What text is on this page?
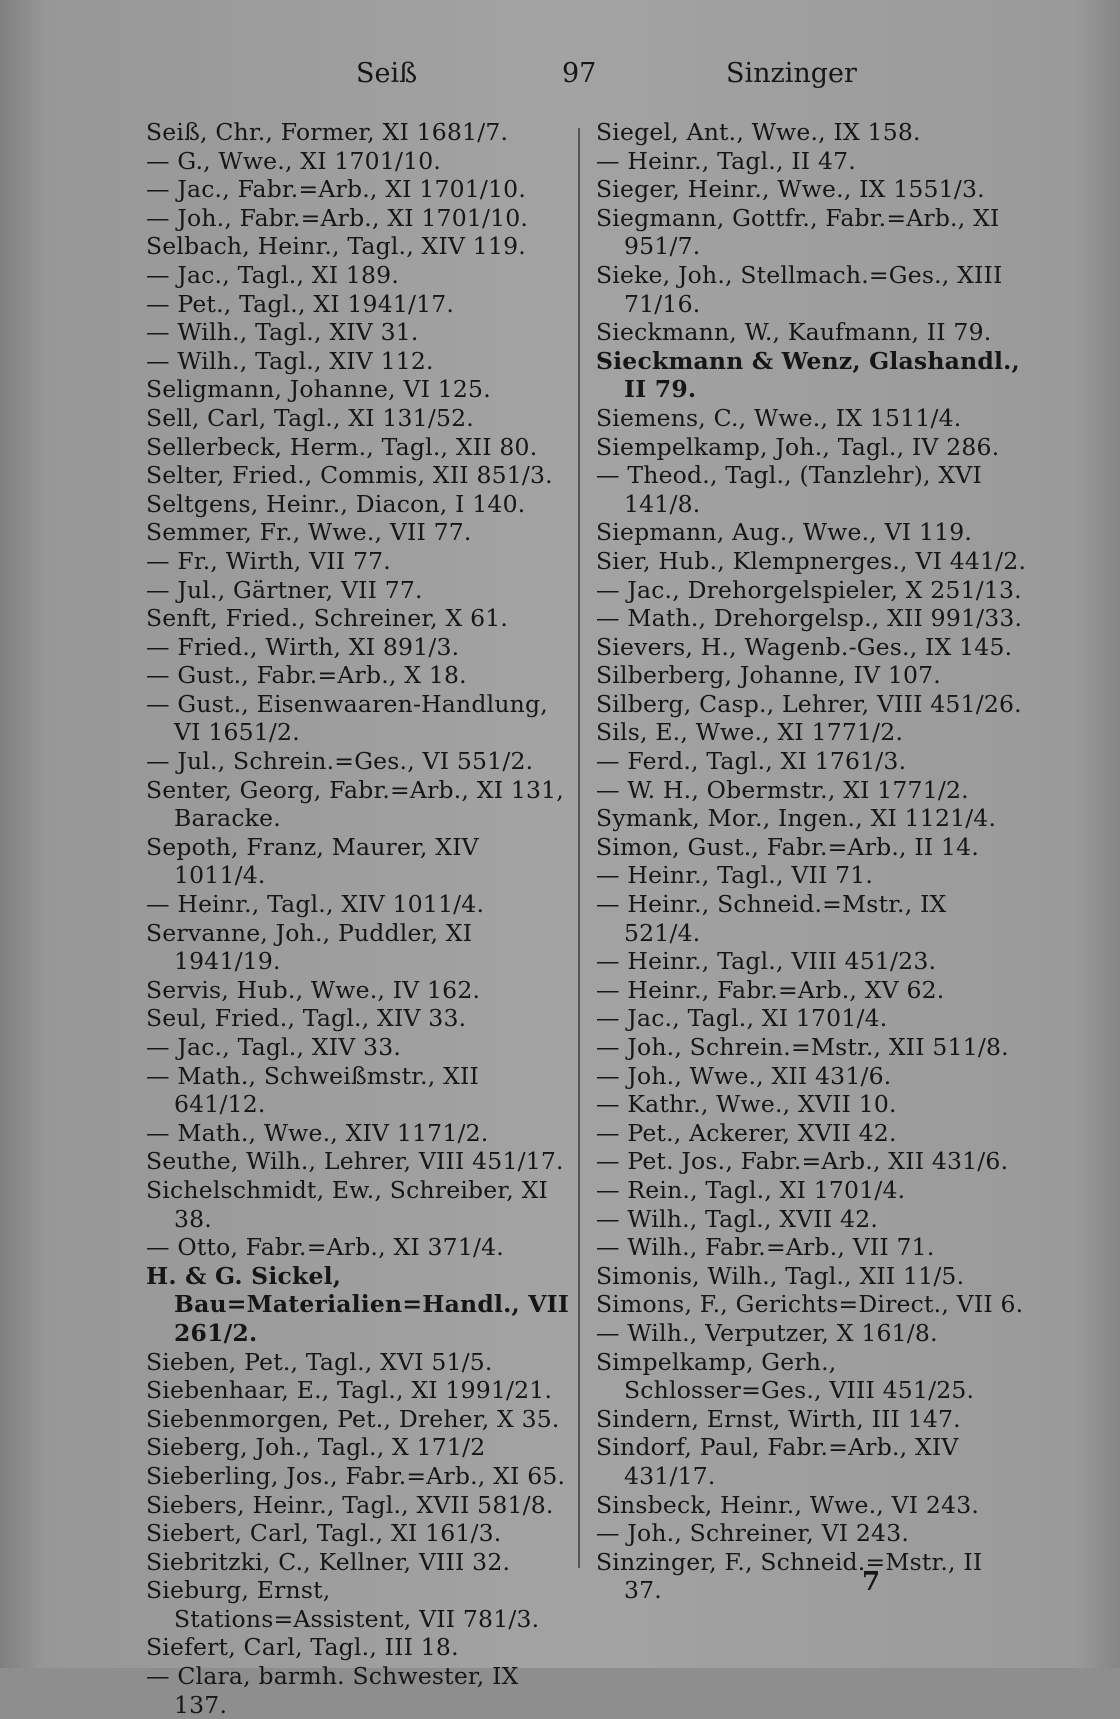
Seiß	97	Sinzinger
Seiß, Chr., Former, XI 1681/7.
— G., Wwe., XI 1701/10.
— Jac., Fabr.=Arb., XI 1701/10.
— Joh., Fabr.=Arb., XI 1701/10.
Selbach, Heinr., Tagl., XIV 119.
— Jac., Tagl., XI 189.
— Pet., Tagl., XI 1941/17.
— Wilh., Tagl., XIV 31.
— Wilh., Tagl., XIV 112.
Seligmann, Johanne, VI 125.
Sell, Carl, Tagl., XI 131/52.
Sellerbeck, Herm., Tagl., XII 80.
Selter, Fried., Commis, XII 851/3.
Seltgens, Heinr., Diacon, I 140.
Semmer, Fr., Wwe., VII 77.
— Fr., Wirth, VII 77.
— Jul., Gärtner, VII 77.
Senft, Fried., Schreiner, X 61.
— Fried., Wirth, XI 891/3.
— Gust., Fabr.=Arb., X 18.
— Gust., Eisenwaaren-Handlung, VI 1651/2.
— Jul., Schrein.=Ges., VI 551/2.
Senter, Georg, Fabr.=Arb., XI 131, Baracke.
Sepoth, Franz, Maurer, XIV 1011/4.
— Heinr., Tagl., XIV 1011/4.
Servanne, Joh., Puddler, XI 1941/19.
Servis, Hub., Wwe., IV 162.
Seul, Fried., Tagl., XIV 33.
— Jac., Tagl., XIV 33.
— Math., Schweißmstr., XII 641/12.
— Math., Wwe., XIV 1171/2.
Seuthe, Wilh., Lehrer, VIII 451/17.
Sichelschmidt, Ew., Schreiber, XI 38.
— Otto, Fabr.=Arb., XI 371/4.
H. & G. Sickel, Bau=Materialien=Handl., VII 261/2.
Sieben, Pet., Tagl., XVI 51/5.
Siebenhaar, E., Tagl., XI 1991/21.
Siebenmorgen, Pet., Dreher, X 35.
Sieberg, Joh., Tagl., X 171/2
Sieberling, Jos., Fabr.=Arb., XI 65.
Siebers, Heinr., Tagl., XVII 581/8.
Siebert, Carl, Tagl., XI 161/3.
Siebritzki, C., Kellner, VIII 32.
Sieburg, Ernst, Stations=Assistent, VII 781/3.
Siefert, Carl, Tagl., III 18.
— Clara, barmh. Schwester, IX 137.
Siegel, Ant., Wwe., IX 158.
— Heinr., Tagl., II 47.
Sieger, Heinr., Wwe., IX 1551/3.
Siegmann, Gottfr., Fabr.=Arb., XI 951/7.
Sieke, Joh., Stellmach.=Ges., XIII 71/16.
Sieckmann, W., Kaufmann, II 79.
Sieckmann & Wenz, Glashandl., II 79.
Siemens, C., Wwe., IX 1511/4.
Siempelkamp, Joh., Tagl., IV 286.
— Theod., Tagl., (Tanzlehr), XVI 141/8.
Siepmann, Aug., Wwe., VI 119.
Sier, Hub., Klempnerges., VI 441/2.
— Jac., Drehorgelspieler, X 251/13.
— Math., Drehorgelsp., XII 991/33.
Sievers, H., Wagenb.-Ges., IX 145.
Silberberg, Johanne, IV 107.
Silberg, Casp., Lehrer, VIII 451/26.
Sils, E., Wwe., XI 1771/2.
— Ferd., Tagl., XI 1761/3.
— W. H., Obermstr., XI 1771/2.
Symank, Mor., Ingen., XI 1121/4.
Simon, Gust., Fabr.=Arb., II 14.
— Heinr., Tagl., VII 71.
— Heinr., Schneid.=Mstr., IX 521/4.
— Heinr., Tagl., VIII 451/23.
— Heinr., Fabr.=Arb., XV 62.
— Jac., Tagl., XI 1701/4.
— Joh., Schrein.=Mstr., XII 511/8.
— Joh., Wwe., XII 431/6.
— Kathr., Wwe., XVII 10.
— Pet., Ackerer, XVII 42.
— Pet. Jos., Fabr.=Arb., XII 431/6.
— Rein., Tagl., XI 1701/4.
— Wilh., Tagl., XVII 42.
— Wilh., Fabr.=Arb., VII 71.
Simonis, Wilh., Tagl., XII 11/5.
Simons, F., Gerichts=Direct., VII 6.
— Wilh., Verputzer, X 161/8.
Simpelkamp, Gerh., Schlosser=Ges., VIII 451/25.
Sindern, Ernst, Wirth, III 147.
Sindorf, Paul, Fabr.=Arb., XIV 431/17.
Sinsbeck, Heinr., Wwe., VI 243.
— Joh., Schreiner, VI 243.
Sinzinger, F., Schneid.=Mstr., II 37.	7
